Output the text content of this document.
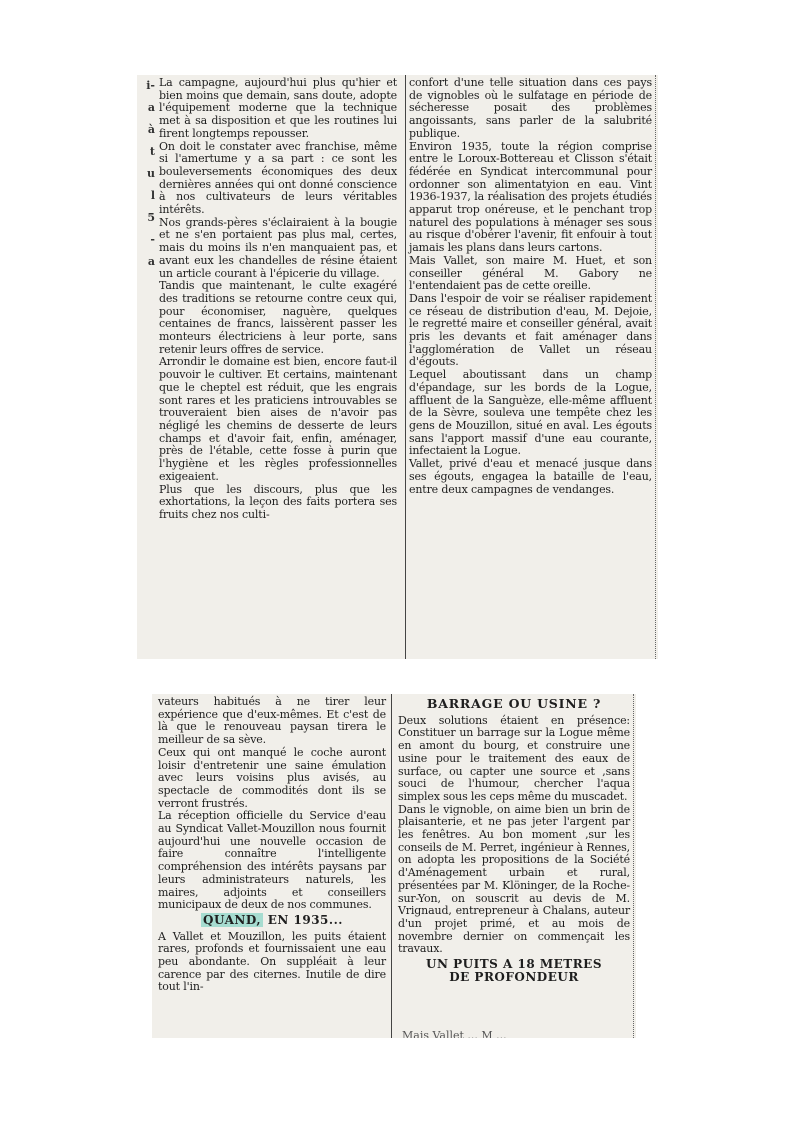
i-
a
à
t
u
l
5
-
a

La campagne, aujourd'hui plus qu'hier et bien moins que demain, sans doute, adopte l'équipement moderne que la technique met à sa disposition et que les routines lui firent longtemps repousser.

On doit le constater avec franchise, même si l'amertume y a sa part : ce sont les bouleversements économiques des deux dernières années qui ont donné conscience à nos cultivateurs de leurs véritables intérêts.

Nos grands-pères s'éclairaient à la bougie et ne s'en portaient pas plus mal, certes, mais du moins ils n'en manquaient pas, et avant eux les chandelles de résine étaient un article courant à l'épicerie du village.

Tandis que maintenant, le culte exagéré des traditions se retourne contre ceux qui, pour économiser, naguère, quelques centaines de francs, laissèrent passer les monteurs électriciens à leur porte, sans retenir leurs offres de service.

Arrondir le domaine est bien, encore faut-il pouvoir le cultiver. Et certains, maintenant que le cheptel est réduit, que les engrais sont rares et les praticiens introuvables se trouveraient bien aises de n'avoir pas négligé les chemins de desserte de leurs champs et d'avoir fait, enfin, aménager, près de l'étable, cette fosse à purin que l'hygiène et les règles professionnelles exigeaient.

Plus que les discours, plus que les exhortations, la leçon des faits portera ses fruits chez nos culti-

confort d'une telle situation dans ces pays de vignobles où le sulfatage en période de sécheresse posait des problèmes angoissants, sans parler de la salubrité publique.

Environ 1935, toute la région comprise entre le Loroux-Bottereau et Clisson s'était fédérée en Syndicat intercommunal pour ordonner son alimentatyion en eau. Vint 1936-1937, la réalisation des projets étudiés apparut trop onéreuse, et le penchant trop naturel des populations à ménager ses sous au risque d'obérer l'avenir, fit enfouir à tout jamais les plans dans leurs cartons.

Mais Vallet, son maire M. Huet, et son conseiller général M. Gabory ne l'entendaient pas de cette oreille.

Dans l'espoir de voir se réaliser rapidement ce réseau de distribution d'eau, M. Dejoie, le regretté maire et conseiller général, avait pris les devants et fait aménager dans l'agglomération de Vallet un réseau d'égouts.

Lequel aboutissant dans un champ d'épandage, sur les bords de la Logue, affluent de la Sanguèze, elle-même affluent de la Sèvre, souleva une tempête chez les gens de Mouzillon, situé en aval. Les égouts sans l'apport massif d'une eau courante, infectaient la Logue.

Vallet, privé d'eau et menacé jusque dans ses égouts, engagea la bataille de l'eau, entre deux campagnes de vendanges.

vateurs habitués à ne tirer leur expérience que d'eux-mêmes. Et c'est de là que le renouveau paysan tirera le meilleur de sa sève.

Ceux qui ont manqué le coche auront loisir d'entretenir une saine émulation avec leurs voisins plus avisés, au spectacle de commodités dont ils se verront frustrés.

La réception officielle du Service d'eau au Syndicat Vallet-Mouzillon nous fournit aujourd'hui une nouvelle occasion de faire connaître l'intelligente compréhension des intérêts paysans par leurs administrateurs naturels, les maires, adjoints et conseillers municipaux de deux de nos communes.

QUAND, EN 1935...

A Vallet et Mouzillon, les puits étaient rares, profonds et fournissaient une eau peu abondante. On suppléait à leur carence par des citernes. Inutile de dire tout l'in-

BARRAGE OU USINE ?

Deux solutions étaient en présence: Constituer un barrage sur la Logue même en amont du bourg, et construire une usine pour le traitement des eaux de surface, ou capter une source et ,sans souci de l'humour, chercher l'aqua simplex sous les ceps même du muscadet.

Dans le vignoble, on aime bien un brin de plaisanterie, et ne pas jeter l'argent par les fenêtres. Au bon moment ,sur les conseils de M. Perret, ingénieur à Rennes, on adopta les propositions de la Société d'Aménagement urbain et rural, présentées par M. Klöninger, de la Roche-sur-Yon, on souscrit au devis de M. Vrignaud, entrepreneur à Chalans, auteur d'un projet primé, et au mois de novembre dernier on commençait les travaux.

UN PUITS A 18 METRES
DE PROFONDEUR

Mais Vallet ... M ...
